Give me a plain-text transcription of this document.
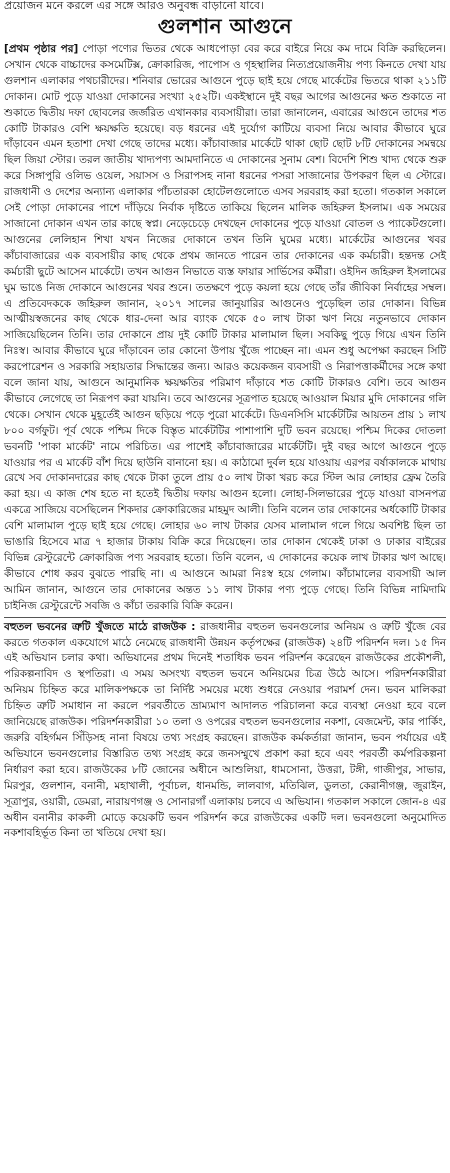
প্রয়োজন মনে করলে এর সঙ্গে আরও অনুবন্ধ বাড়ানো যাবে।
গুলশান আগুনে

[প্রথম পৃষ্ঠার পর] পোড়া পণ্যের ভিতর থেকে আধপোড়া বের করে বাইরে নিয়ে কম দামে বিক্রি করছিলেন। সেখান থেকে বাচ্চাদের কসমেটিক্স, ক্রোকারিজ, পাপোস ও গৃহস্থালির নিত্যপ্রয়োজনীয় পণ্য কিনতে দেখা যায় গুলশান এলাকার পথচারীদের। শনিবার ভোরের আগুনে পুড়ে ছাই হয়ে গেছে মার্কেটের ভিতরে থাকা ২১১টি দোকান। মোট পুড়ে যাওয়া দোকানের সংখ্যা ২৫২টি। একইস্থানে দুই বছর আগের আগুনের ক্ষত শুকাতে না শুকাতে দ্বিতীয় দফা ছোবলের জর্জরিত এখানকার ব্যবসায়ীরা। তারা জানালেন, এবারের আগুনে তাদের শত কোটি টাকারও বেশি ক্ষয়ক্ষতি হয়েছে। বড় ধরনের এই দুর্যোগ কাটিয়ে ব্যবসা নিয়ে আবার কীভাবে ঘুরে দাঁড়াবেন এমন হতাশা দেখা গেছে তাদের মধ্যে। কাঁচাবাজার মার্কেটে থাকা ছোট ছোট ৮টি দোকানের সমন্বয়ে ছিল জিয়া স্টোর। তরল জাতীয় খাদ্যপণ্য আমদানিতে এ দোকানের সুনাম বেশ। বিদেশি শিশু খাদ্য থেকে শুরু করে সিঙ্গাপুরি ওলিভ ওয়েল, সয়াসস ও সিরাপসহ নানা ধরনের পসরা সাজানোর উপকরণ ছিল এ স্টোরে। রাজধানী ও দেশের অন্যান্য এলাকার পাঁচতারকা হোটেলগুলোতে এসব সরবরাহ করা হতো। গতকাল সকালে সেই পোড়া দোকানের পাশে দাঁড়িয়ে নির্বাক দৃষ্টিতে তাকিয়ে ছিলেন মালিক জহিরুল ইসলাম। এক সময়ের সাজানো দোকান এখন তার কাছে স্বপ্ন। নেড়েচেড়ে দেখছেন দোকানের পুড়ে যাওয়া বোতল ও প্যাকেটগুলো। আগুনের লেলিহান শিখা যখন নিজের দোকানে তখন তিনি ঘুমের মধ্যে। মার্কেটের আগুনের খবর কাঁচাবাজারের এক ব্যবসায়ীর কাছ থেকে প্রথম জানতে পারেন তার দোকানের এক কর্মচারী। হন্তদন্ত সেই কর্মচারী ছুটে আসেন মার্কেটে। তখন আগুন নিভাতে ব্যস্ত ফায়ার সার্ভিসের কর্মীরা। ওইদিন জহিরুল ইসলামের ঘুম ভাঙে নিজ দোকানে আগুনের খবর শুনে। ততক্ষণে পুড়ে কয়লা হয়ে গেছে তাঁর জীবিকা নির্বাহের সম্বল। এ প্রতিবেদককে জহিরুল জানান, ২০১৭ সালের জানুয়ারির আগুনেও পুড়েছিল তার দোকান। বিভিন্ন আত্মীয়স্বজনের কাছ থেকে ধার-দেনা আর ব্যাংক থেকে ৫০ লাখ টাকা ঋণ নিয়ে নতুনভাবে দোকান সাজিয়েছিলেন তিনি। তার দোকানে প্রায় দুই কোটি টাকার মালামাল ছিল। সবকিছু পুড়ে গিয়ে এখন তিনি নিঃস্ব। আবার কীভাবে ঘুরে দাঁড়াবেন তার কোনো উপায় খুঁজে পাচ্ছেন না। এমন শুধু অপেক্ষা করছেন সিটি করপোরেশন ও সরকারি সহায়তার সিদ্ধান্তের জন্য। আরও কয়েকজন ব্যবসায়ী ও নিরাপত্তাকর্মীদের সঙ্গে কথা বলে জানা যায়, আগুনে আনুমানিক ক্ষয়ক্ষতির পরিমাণ দাঁড়াবে শত কোটি টাকারও বেশি। তবে আগুন কীভাবে লেগেছে তা নিরূপণ করা যায়নি। তবে আগুনের সূত্রপাত হয়েছে আওয়াল মিয়ার মুদি দোকানের গলি থেকে। সেখান থেকে মুহূর্তেই আগুন ছড়িয়ে পড়ে পুরো মার্কেটে। ডিএনসিসি মার্কেটটির আয়তন প্রায় ১ লাখ ৮০০ বর্গফুট। পূর্ব থেকে পশ্চিম দিকে বিস্তৃত মার্কেটটির পাশাপাশি দুটি ভবন রয়েছে। পশ্চিম দিকের দোতলা ভবনটি 'পাকা মার্কেট' নামে পরিচিত। এর পাশেই কাঁচাবাজারের মার্কেটটি। দুই বছর আগে আগুনে পুড়ে যাওয়ার পর এ মার্কেট বাঁশ দিয়ে ছাউনি বানানো হয়। এ কাঠামো দুর্বল হয়ে যাওয়ায় এরপর বর্ষাকালকে মাথায় রেখে সব দোকানদারের কাছ থেকে টাকা তুলে প্রায় ৫০ লাখ টাকা খরচ করে স্টিল আর লোহার ফ্রেম তৈরি করা হয়। এ কাজ শেষ হতে না হতেই দ্বিতীয় দফায় আগুন হলো। লোহা-সিলভারের পুড়ে যাওয়া বাসনপত্র একত্রে সাজিয়ে বসেছিলেন শিকদার ক্রোকারিজের মাহমুদ আলী। তিনি বলেন তার দোকানের অর্ধকোটি টাকার বেশি মালামাল পুড়ে ছাই হয়ে গেছে। লোহার ৬০ লাখ টাকার যেসব মালামাল গলে গিয়ে অবশিষ্ট ছিল তা ভাঙারি হিসেবে মাত্র ৭ হাজার টাকায় বিক্রি করে দিয়েছেন। তার দোকান থেকেই ঢাকা ও ঢাকার বাইরের বিভিন্ন রেস্টুরেন্টে ক্রোকারিজ পণ্য সরবরাহ হতো। তিনি বলেন, এ দোকানের কয়েক লাখ টাকার ঋণ আছে। কীভাবে শোধ করব বুঝতে পারছি না। এ আগুনে আমরা নিঃস্ব হয়ে গেলাম। কাঁচামালের ব্যবসায়ী আল আমিন জানান, আগুনে তার দোকানের অন্তত ১১ লাখ টাকার পণ্য পুড়ে গেছে। তিনি বিভিন্ন নামিদামি চাইনিজ রেস্টুরেন্টে সবজি ও কাঁচা তরকারি বিক্রি করেন।

বহুতল ভবনের ত্রুটি খুঁজতে মাঠে রাজউক : রাজধানীর বহুতল ভবনগুলোর অনিয়ম ও ত্রুটি খুঁজে বের করতে গতকাল একযোগে মাঠে নেমেছে রাজধানী উন্নয়ন কর্তৃপক্ষের (রাজউক) ২৪টি পরিদর্শন দল। ১৫ দিন এই অভিযান চলার কথা। অভিযানের প্রথম দিনেই শতাধিক ভবন পরিদর্শন করেছেন রাজউকের প্রকৌশলী, পরিকল্পনাবিদ ও স্থপতিরা। এ সময় অসংখ্য বহুতল ভবনে অনিয়মের চিত্র উঠে আসে। পরিদর্শনকারীরা অনিয়ম চিহ্নিত করে মালিকপক্ষকে তা নির্দিষ্ট সময়ের মধ্যে শুধরে নেওয়ার পরামর্শ দেন। ভবন মালিকরা চিহ্নিত ত্রুটি সমাধান না করলে পরবর্তীতে ভ্রাম্যমাণ আদালত পরিচালনা করে ব্যবস্থা নেওয়া হবে বলে জানিয়েছে রাজউক। পরিদর্শনকারীরা ১০ তলা ও ওপরের বহুতল ভবনগুলোর নকশা, বেজমেন্ট, কার পার্কিং, জরুরি বহির্গমন সিঁড়িসহ নানা বিষয়ে তথ্য সংগ্রহ করছেন। রাজউক কর্মকর্তারা জানান, ভবন পর্যায়ের এই অভিযানে ভবনগুলোর বিস্তারিত তথ্য সংগ্রহ করে জনসম্মুখে প্রকাশ করা হবে এবং পরবর্তী কর্মপরিকল্পনা নির্ধারণ করা হবে। রাজউকের ৮টি জোনের অধীনে আশুলিয়া, ধামসোনা, উত্তরা, টঙ্গী, গাজীপুর, সাভার, মিরপুর, গুলশান, বনানী, মহাখালী, পূর্বাচল, ধানমন্ডি, লালবাগ, মতিঝিল, ডুলতা, কেরানীগঞ্জ, জুরাইন, সূত্রাপুর, ওয়ারী, ডেমরা, নারায়ণগঞ্জ ও সোনারগাঁ এলাকায় চলবে এ অভিযান। গতকাল সকালে জোন-৪ এর অধীন বনানীর কাকলী মোড়ে কয়েকটি ভবন পরিদর্শন করে রাজউকের একটি দল। ভবনগুলো অনুমোদিত নকশাবহির্ভূত কিনা তা খতিয়ে দেখা হয়।
